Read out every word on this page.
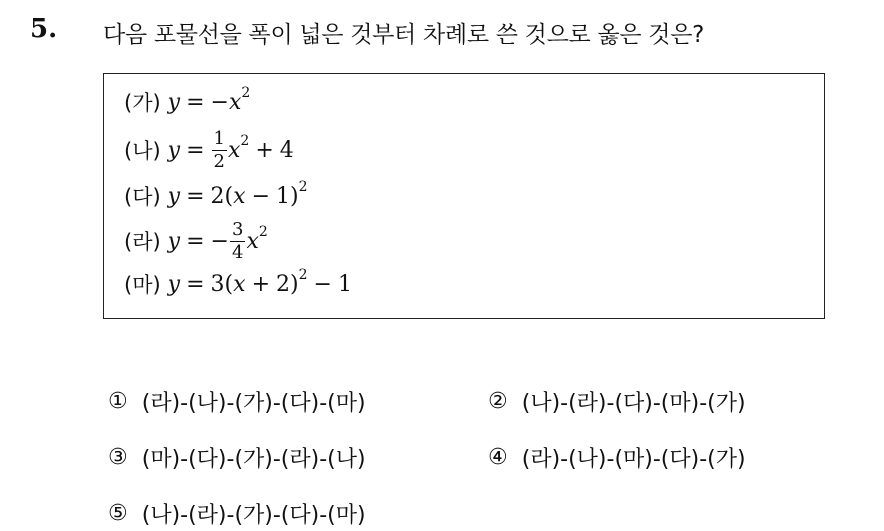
5. 다음 포물선을 폭이 넓은 것부터 차례로 쓴 것으로 옳은 것은?
(가) y = − $x^2$
(나) $y = \frac{1}{2} x^2 + 4$
(다) y = 2( x − 1)$^2$
(라) y = − $\frac{3}{4} x^2$
(마) y = 3( x + 2)$^2$ − 1
① (라)-(나)-(가)-(다)-(마)	② (나)-(라)-(다)-(마)-(가)
③ (마)-(다)-(가)-(라)-(나)	④ (라)-(나)-(마)-(다)-(가)
⑤ (나)-(라)-(가)-(다)-(마)
